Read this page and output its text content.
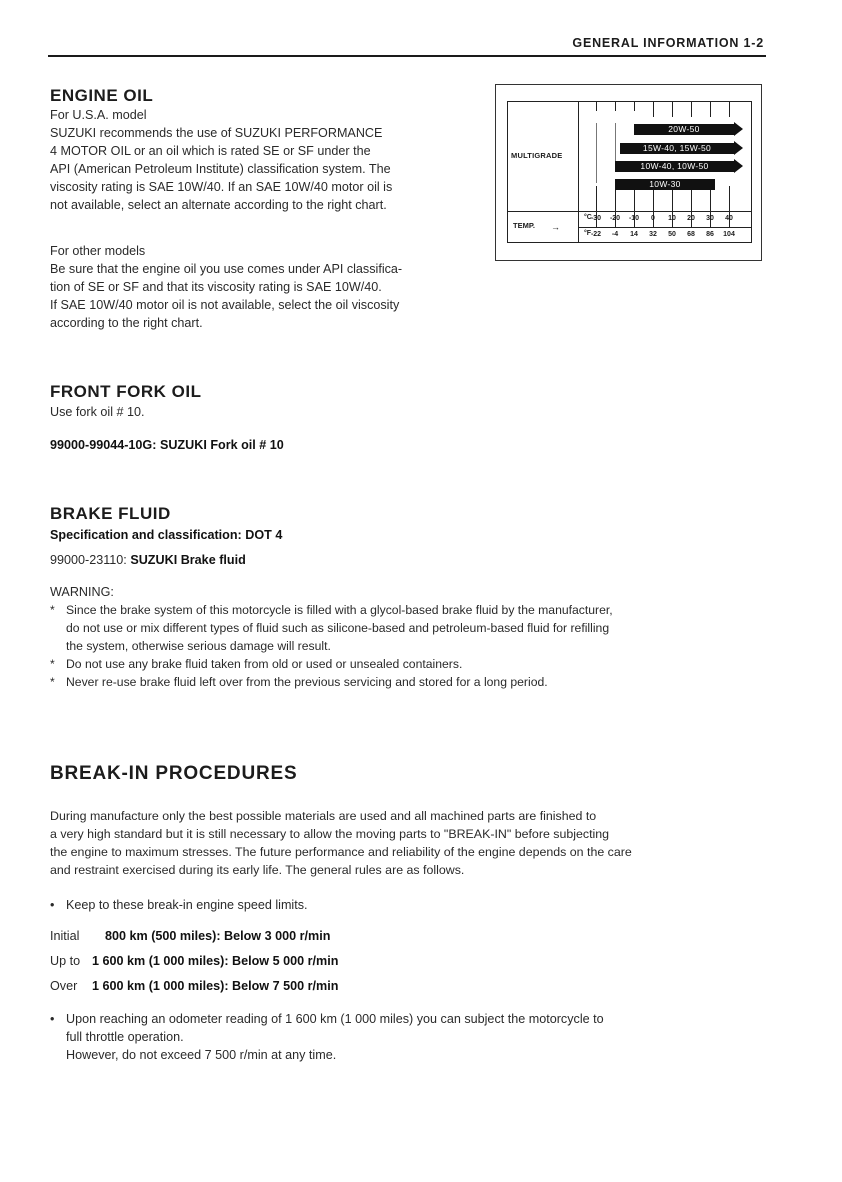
GENERAL INFORMATION 1-2
ENGINE OIL
For U.S.A. model
SUZUKI recommends the use of SUZUKI PERFORMANCE
4 MOTOR OIL or an oil which is rated SE or SF under the
API (American Petroleum Institute) classification system. The
viscosity rating is SAE 10W/40. If an SAE 10W/40 motor oil is
not available, select an alternate according to the right chart.
For other models
Be sure that the engine oil you use comes under API classifica-
tion of SE or SF and that its viscosity rating is SAE 10W/40.
If SAE 10W/40 motor oil is not available, select the oil viscosity
according to the right chart.
MULTIGRADE
TEMP.
20W-50
15W-40, 15W-50
10W-40, 10W-50
10W-30
°C
°F
→
-30 -20 -10 0 10 20 30 40
-22 -4 14 32 50 68 86 104
FRONT FORK OIL
Use fork oil # 10.
99000-99044-10G: SUZUKI Fork oil # 10
BRAKE FLUID
Specification and classification: DOT 4
99000-23110: SUZUKI Brake fluid
WARNING:
* Since the brake system of this motorcycle is filled with a glycol-based brake fluid by the manufacturer,
do not use or mix different types of fluid such as silicone-based and petroleum-based fluid for refilling
the system, otherwise serious damage will result.
* Do not use any brake fluid taken from old or used or unsealed containers.
* Never re-use brake fluid left over from the previous servicing and stored for a long period.
BREAK-IN PROCEDURES
During manufacture only the best possible materials are used and all machined parts are finished to
a very high standard but it is still necessary to allow the moving parts to "BREAK-IN" before subjecting
the engine to maximum stresses. The future performance and reliability of the engine depends on the care
and restraint exercised during its early life. The general rules are as follows.
• Keep to these break-in engine speed limits.
Initial 800 km (500 miles): Below 3 000 r/min
Up to 1 600 km (1 000 miles): Below 5 000 r/min
Over 1 600 km (1 000 miles): Below 7 500 r/min
• Upon reaching an odometer reading of 1 600 km (1 000 miles) you can subject the motorcycle to
full throttle operation.
However, do not exceed 7 500 r/min at any time.
